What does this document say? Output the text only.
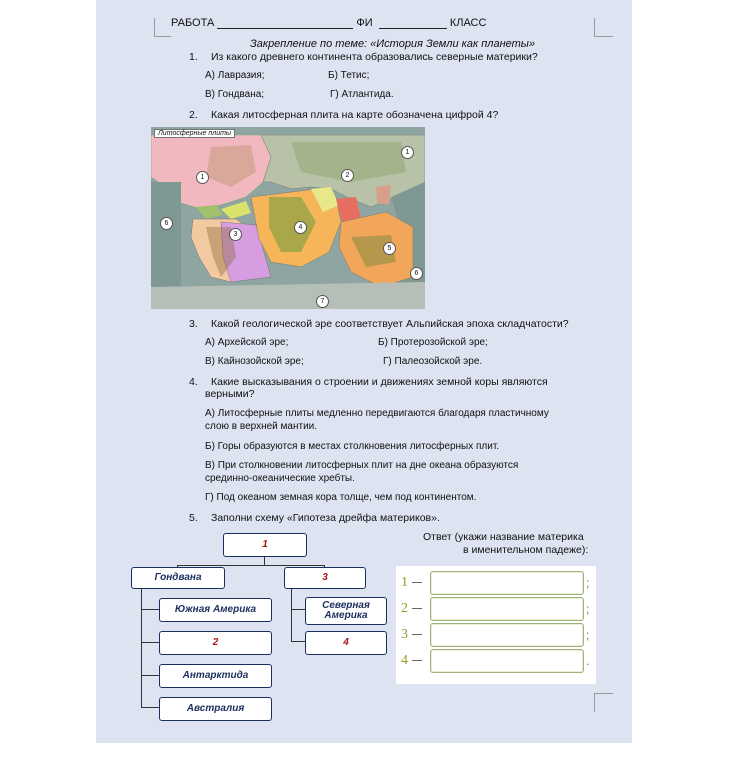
РАБОТА	ФИ	КЛАСС
Закрепление по теме: «История Земли как планеты»
1. Из какого древнего континента образовались северные материки?
А) Лавразия;	Б) Тетис;
В) Гондвана;	Г) Атлантида.
2. Какая литосферная плита на карте обозначена цифрой 4?
Литосферные плиты
1	2
1
6
3
4
5
6
7
3. Какой геологической эре соответствует Альпийская эпоха складчатости?
А) Архейской эре;	Б) Протерозойской эре;
В) Кайнозойской эре;	Г) Палеозойской эре.
4. Какие высказывания о строении и движениях земной коры являются
верными?
А) Литосферные плиты медленно передвигаются благодаря пластичному
слою в верхней мантии.
Б) Горы образуются в местах столкновения литосферных плит.
В) При столкновении литосферных плит на дне океана образуются
срединно-океанические хребты.
Г) Под океаном земная кора толще, чем под континентом.
5. Заполни схему «Гипотеза дрейфа материков».
1
Гондвана	3
Южная Америка
2
Антарктида
Австралия
Северная Америка
4
Ответ (укажи название материка
в именительном падеже):
1	;
2	;
3	;
4	.
